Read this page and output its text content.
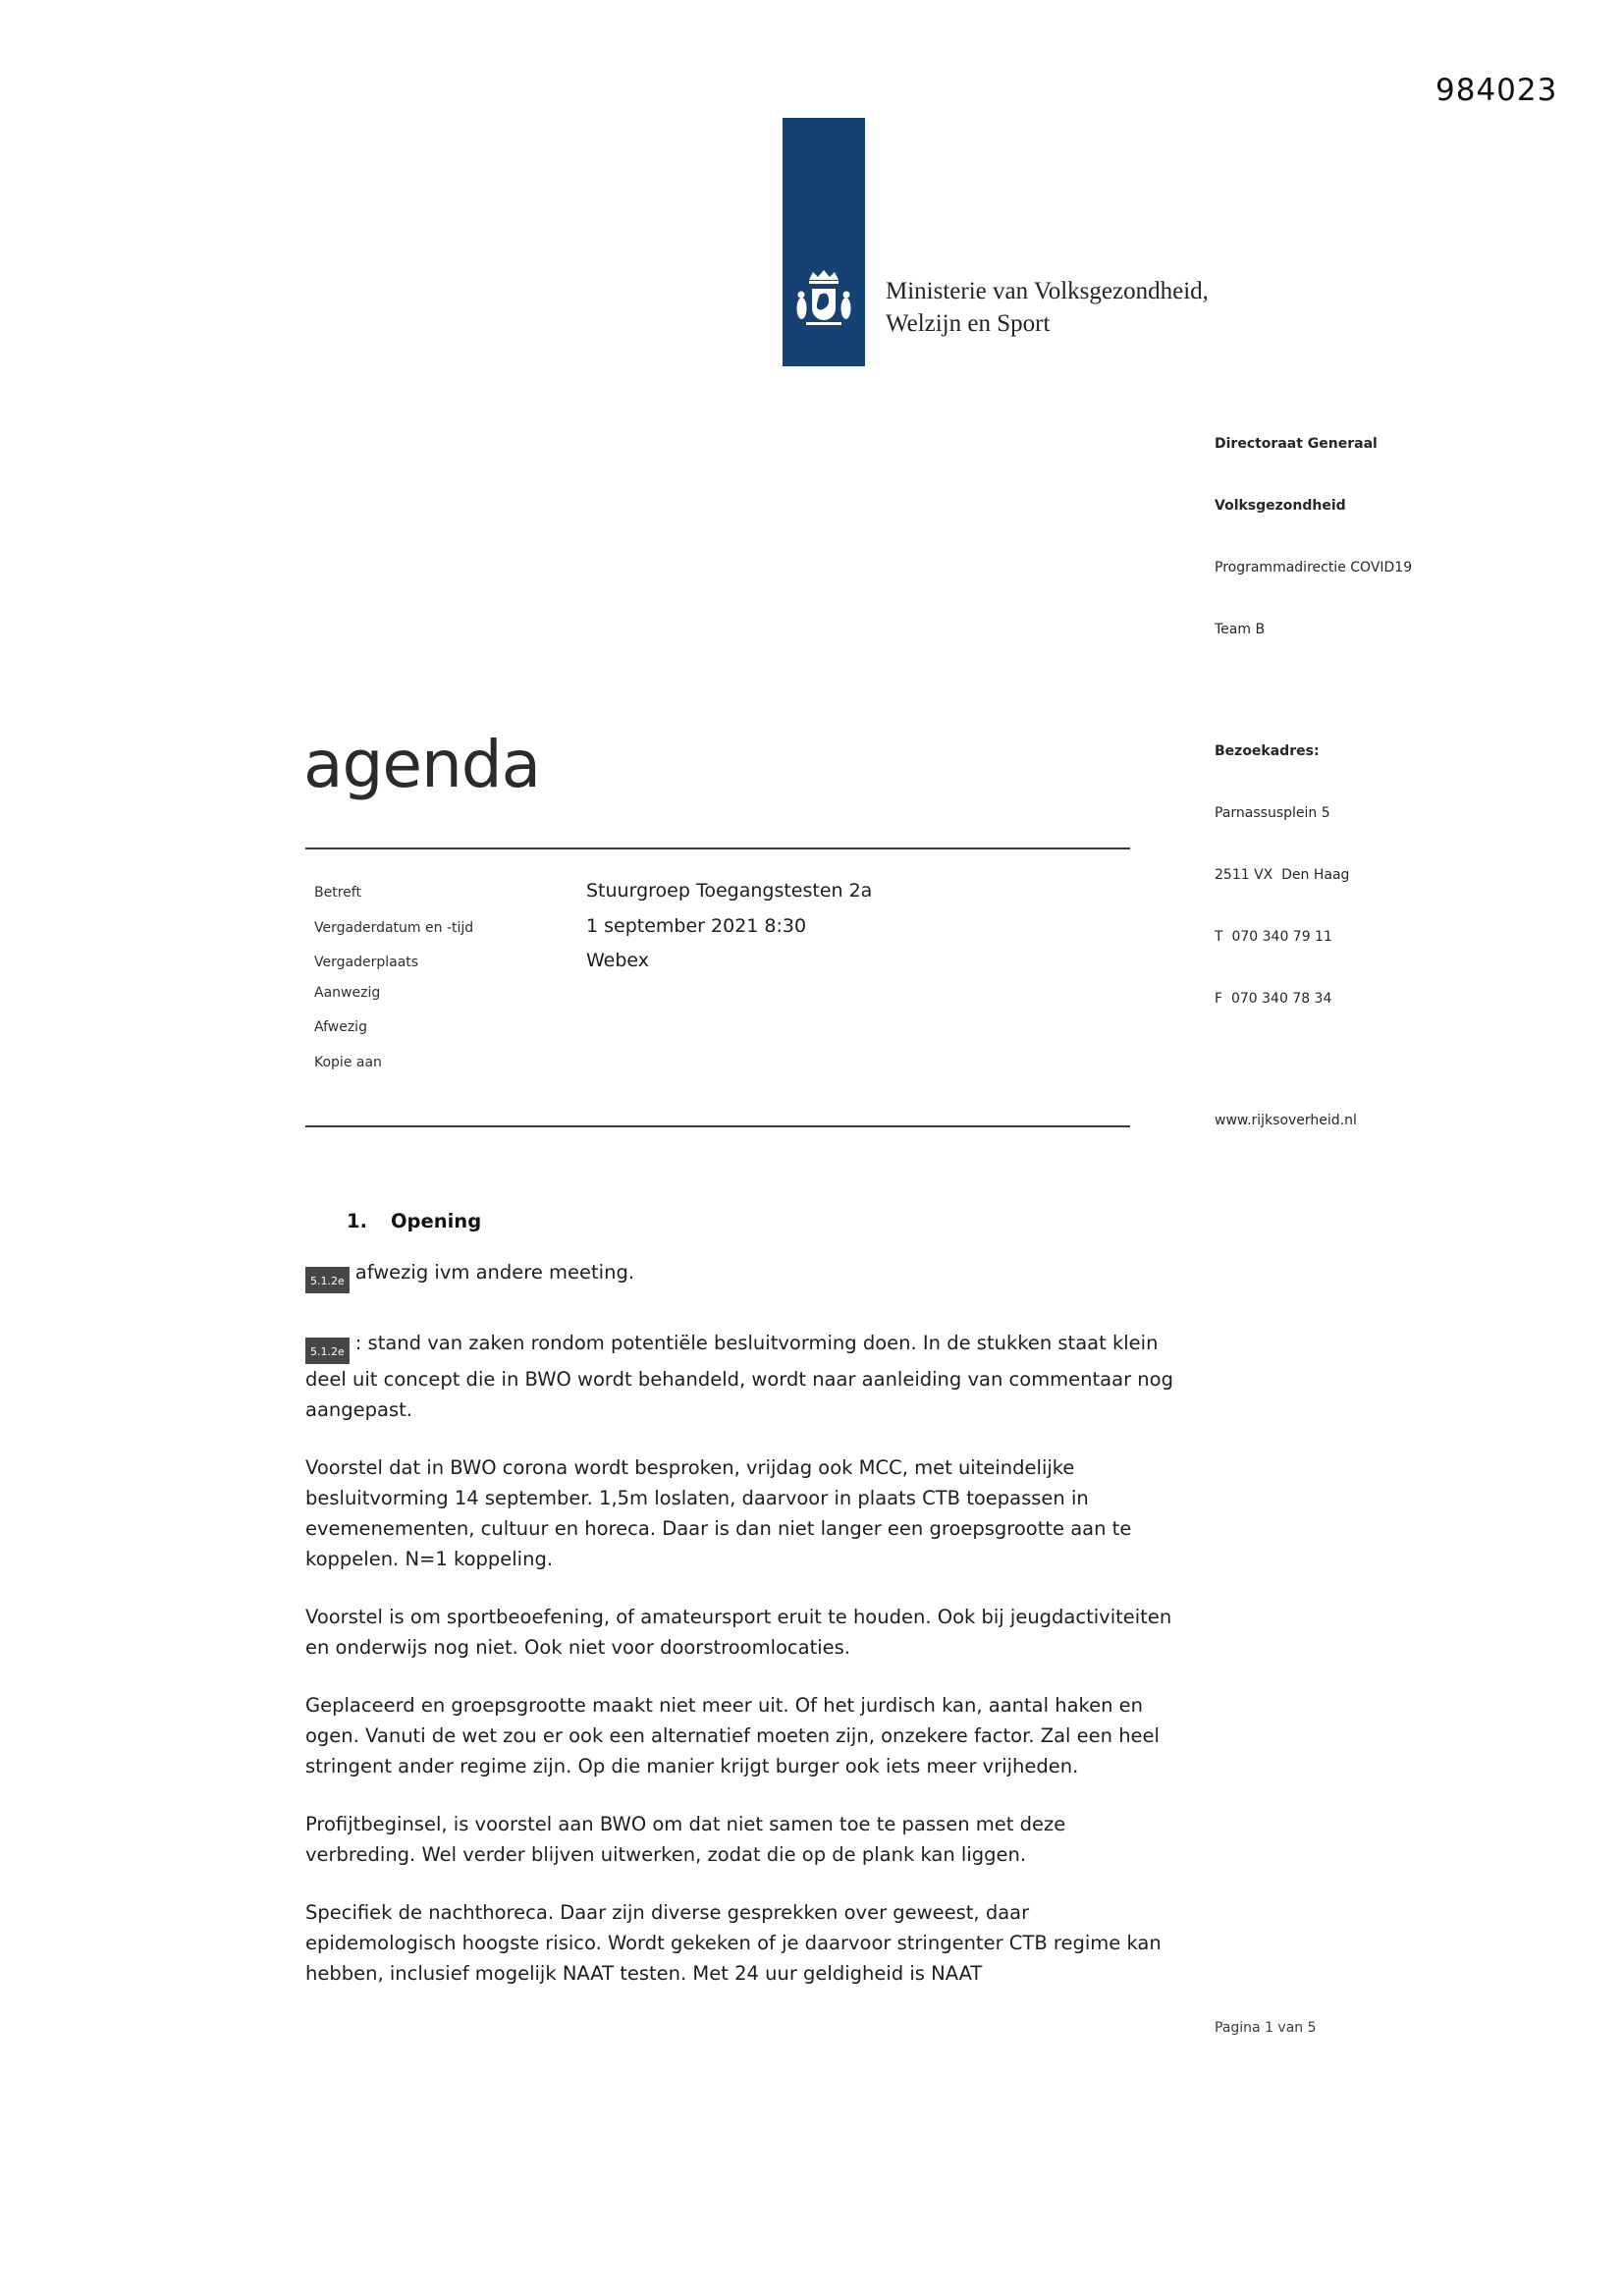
984023
Ministerie van Volksgezondheid,
Welzijn en Sport

Directoraat Generaal

Volksgezondheid

Programmadirectie COVID19

Team B

Bezoekadres:

Parnassusplein 5

2511 VX  Den Haag

T  070 340 79 11

F  070 340 78 34

www.rijksoverheid.nl

agenda
Betreft	Stuurgroep Toegangstesten 2a
Vergaderdatum en -tijd	1 september 2021 8:30
Vergaderplaats	Webex
Aanwezig
Afwezig
Kopie aan
1. Opening

5.1.2e afwezig ivm andere meeting.

5.1.2e : stand van zaken rondom potentiële besluitvorming doen. In de stukken staat klein deel uit concept die in BWO wordt behandeld, wordt naar aanleiding van commentaar nog aangepast.

Voorstel dat in BWO corona wordt besproken, vrijdag ook MCC, met uiteindelijke besluitvorming 14 september. 1,5m loslaten, daarvoor in plaats CTB toepassen in evemenementen, cultuur en horeca. Daar is dan niet langer een groepsgrootte aan te koppelen. N=1 koppeling.

Voorstel is om sportbeoefening, of amateursport eruit te houden. Ook bij jeugdactiviteiten en onderwijs nog niet. Ook niet voor doorstroomlocaties.

Geplaceerd en groepsgrootte maakt niet meer uit. Of het jurdisch kan, aantal haken en ogen. Vanuti de wet zou er ook een alternatief moeten zijn, onzekere factor. Zal een heel stringent ander regime zijn. Op die manier krijgt burger ook iets meer vrijheden.

Profijtbeginsel, is voorstel aan BWO om dat niet samen toe te passen met deze verbreding. Wel verder blijven uitwerken, zodat die op de plank kan liggen.

Specifiek de nachthoreca. Daar zijn diverse gesprekken over geweest, daar epidemologisch hoogste risico. Wordt gekeken of je daarvoor stringenter CTB regime kan hebben, inclusief mogelijk NAAT testen. Met 24 uur geldigheid is NAAT

Pagina 1 van 5
